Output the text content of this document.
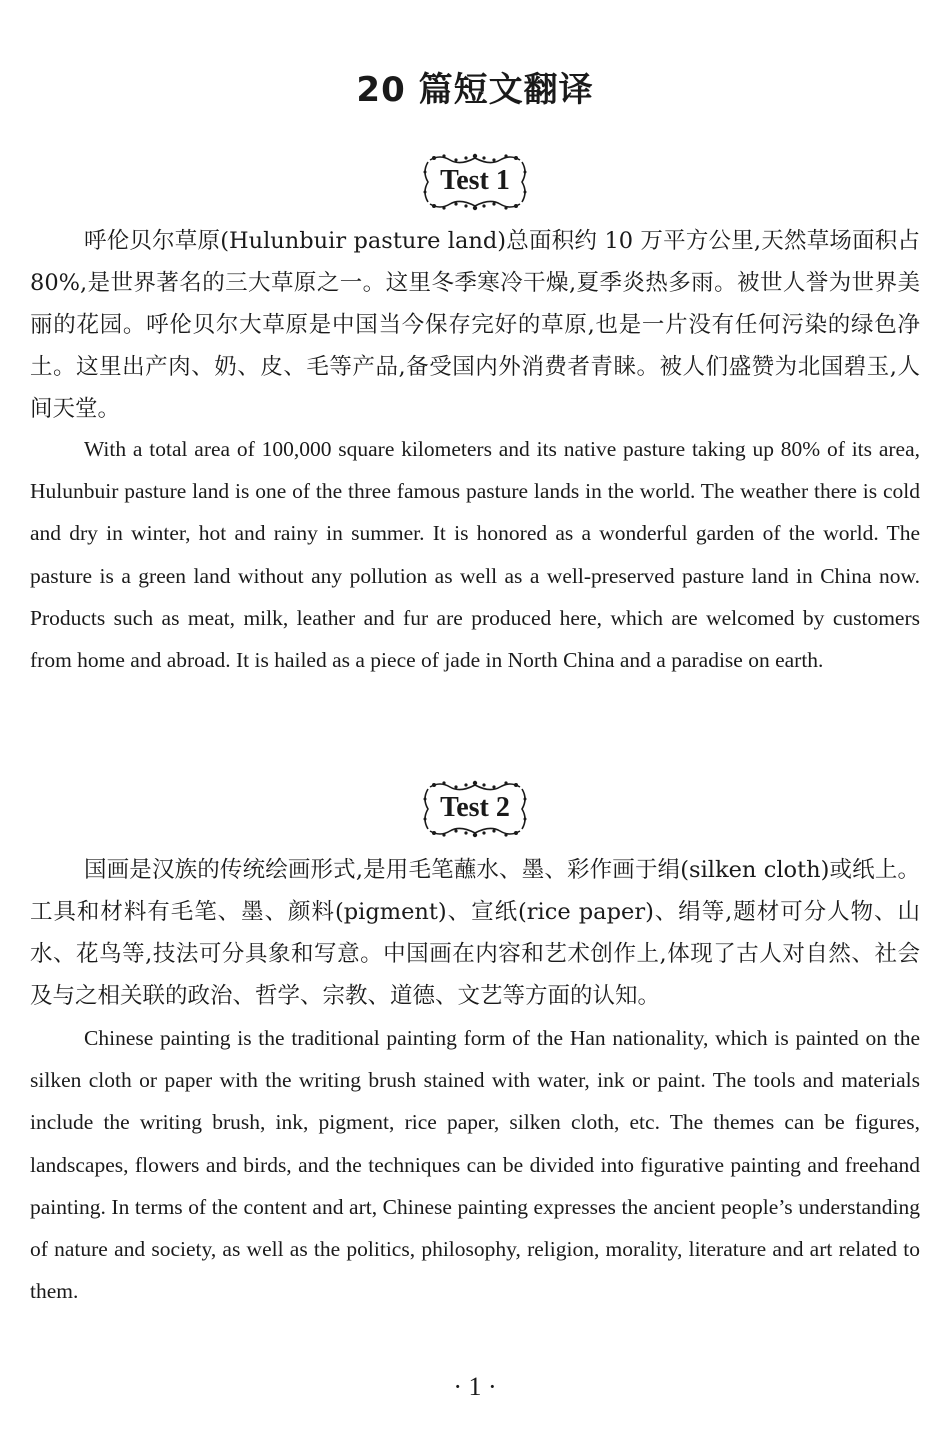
20 篇短文翻译
Test 1

呼伦贝尔草原(Hulunbuir pasture land)总面积约 10 万平方公里,天然草场面积占 80%,是世界著名的三大草原之一。这里冬季寒冷干燥,夏季炎热多雨。被世人誉为世界美丽的花园。呼伦贝尔大草原是中国当今保存完好的草原,也是一片没有任何污染的绿色净土。这里出产肉、奶、皮、毛等产品,备受国内外消费者青睐。被人们盛赞为北国碧玉,人间天堂。

With a total area of 100,000 square kilometers and its native pasture taking up 80% of its area, Hulunbuir pasture land is one of the three famous pasture lands in the world. The weather there is cold and dry in winter, hot and rainy in summer. It is honored as a wonderful garden of the world. The pasture is a green land without any pollution as well as a well-preserved pasture land in China now. Products such as meat, milk, leather and fur are produced here, which are welcomed by customers from home and abroad. It is hailed as a piece of jade in North China and a paradise on earth.

Test 2

国画是汉族的传统绘画形式,是用毛笔蘸水、墨、彩作画于绢(silken cloth)或纸上。工具和材料有毛笔、墨、颜料(pigment)、宣纸(rice paper)、绢等,题材可分人物、山水、花鸟等,技法可分具象和写意。中国画在内容和艺术创作上,体现了古人对自然、社会及与之相关联的政治、哲学、宗教、道德、文艺等方面的认知。

Chinese painting is the traditional painting form of the Han nationality, which is painted on the silken cloth or paper with the writing brush stained with water, ink or paint. The tools and materials include the writing brush, ink, pigment, rice paper, silken cloth, etc. The themes can be figures, landscapes, flowers and birds, and the techniques can be divided into figurative painting and freehand painting. In terms of the content and art, Chinese painting expresses the ancient people’s understanding of nature and society, as well as the politics, philosophy, religion, morality, literature and art related to them.

· 1 ·
